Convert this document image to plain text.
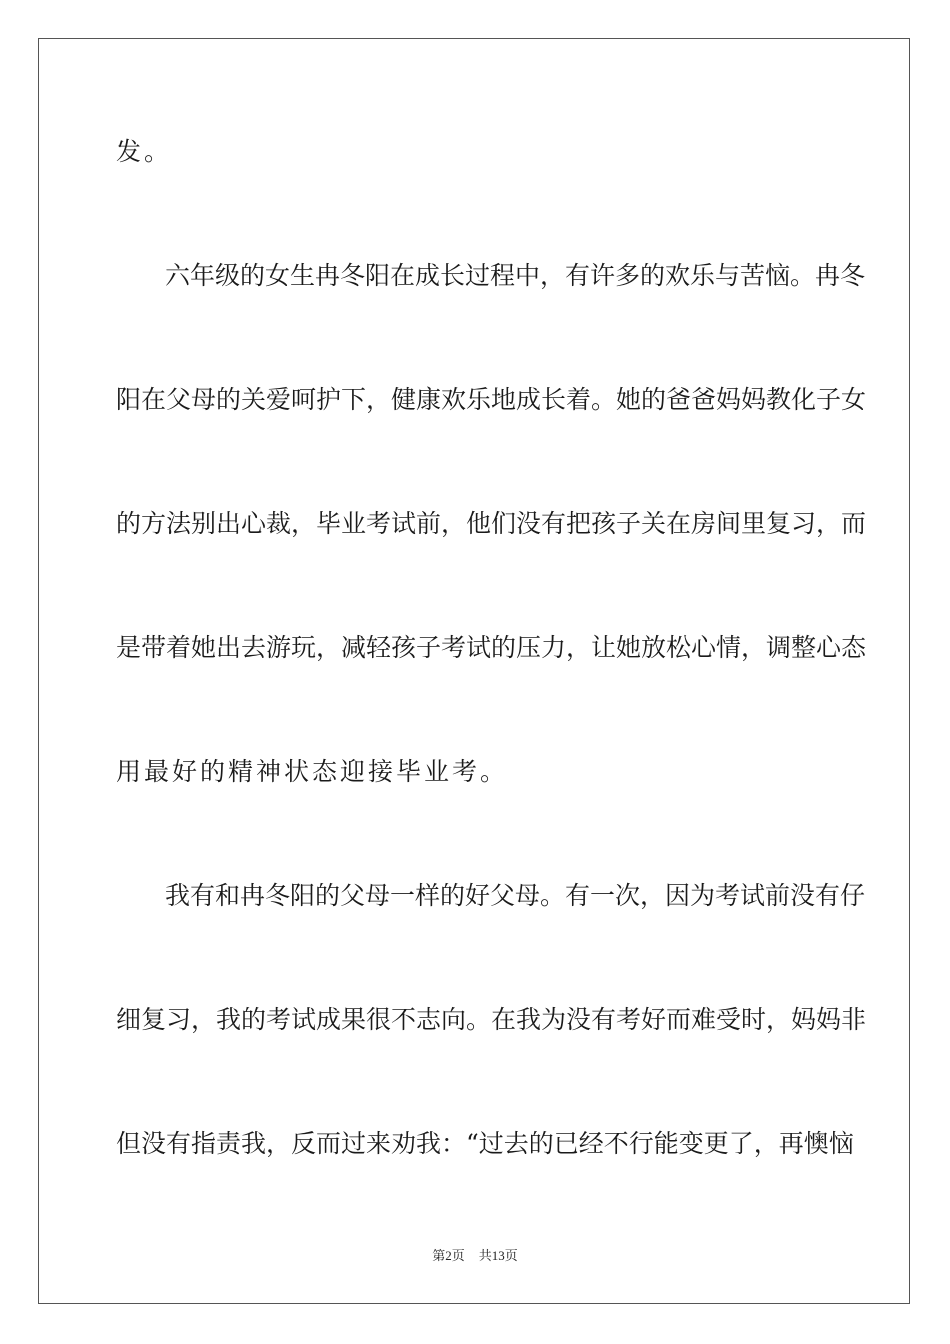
发。
六年级的女生冉冬阳在成长过程中，有许多的欢乐与苦恼。冉冬
阳在父母的关爱呵护下，健康欢乐地成长着。她的爸爸妈妈教化子女
的方法别出心裁，毕业考试前，他们没有把孩子关在房间里复习，而
是带着她出去游玩，减轻孩子考试的压力，让她放松心情，调整心态
用最好的精神状态迎接毕业考。
我有和冉冬阳的父母一样的好父母。有一次，因为考试前没有仔
细复习，我的考试成果很不志向。在我为没有考好而难受时，妈妈非
但没有指责我，反而过来劝我：“过去的已经不行能变更了，再懊恼
第2页 共13页
